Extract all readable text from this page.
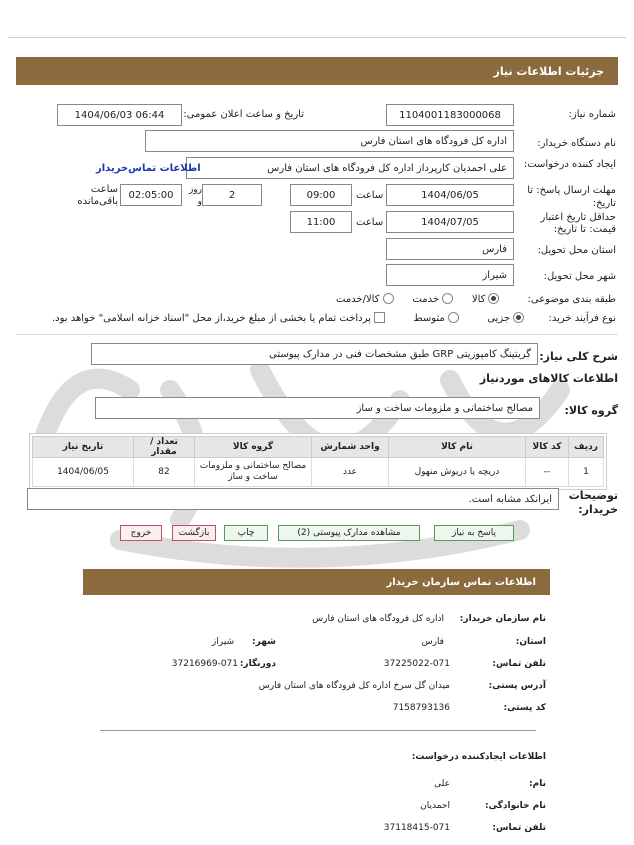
جزئیات اطلاعات نیاز
شماره نیاز:
1104001183000068
تاریخ و ساعت اعلان عمومی:
1404/06/03 06:44
نام دستگاه خریدار:
اداره کل فرودگاه های استان فارس
ایجاد کننده درخواست:
علی احمدیان کارپرداز اداره کل فرودگاه های استان فارس
اطلاعات تماس‌خریدار
مهلت ارسال پاسخ: تا تاریخ:
1404/06/05
ساعت
09:00
2
روز و
02:05:00
ساعت باقی‌مانده
حداقل تاریخ اعتبار قیمت: تا تاریخ:
1404/07/05
ساعت
11:00
استان محل تحویل:
فارس
شهر محل تحویل:
شیراز
طبقه بندی موضوعی:
کالا     خدمت     کالا/خدمت
نوع فرآیند خرید:
جزیی        متوسط        پرداخت تمام یا بخشی از مبلغ خرید،از محل "اسناد خزانه اسلامی" خواهد بود.
شرح کلی نیاز:
گریتینگ کامپوزیتی GRP طبق مشخصات فنی در مدارک پیوستی
اطلاعات کالاهای موردنیاز
گروه کالا:
مصالح ساختمانی و ملزومات ساخت و ساز
ردیف	کد کالا	نام کالا	واحد شمارش	گروه کالا	تعداد / مقدار	تاریخ نیاز
1	--	دریچه یا دریوش منهول	عدد	مصالح ساختمانی و ملزومات ساخت و ساز	82	1404/06/05
توضیحات خریدار:
ایرانکد مشابه است.
پاسخ به نیاز
مشاهده مدارک پیوستی (2)
چاپ
بازگشت
خروج
اطلاعات تماس سازمان خریدار
نام سازمان خریدار:
اداره کل فرودگاه های استان فارس
استان:
فارس
شهر:
شیراز
تلفن تماس:
37225022-071
دورنگار:
37216969-071
آدرس پستی:
میدان گل سرخ اداره کل فرودگاه های استان فارس
کد پستی:
7158793136
اطلاعات ایجادکننده درخواست:
نام:
علی
نام خانوادگی:
احمدیان
تلفن تماس:
37118415-071
